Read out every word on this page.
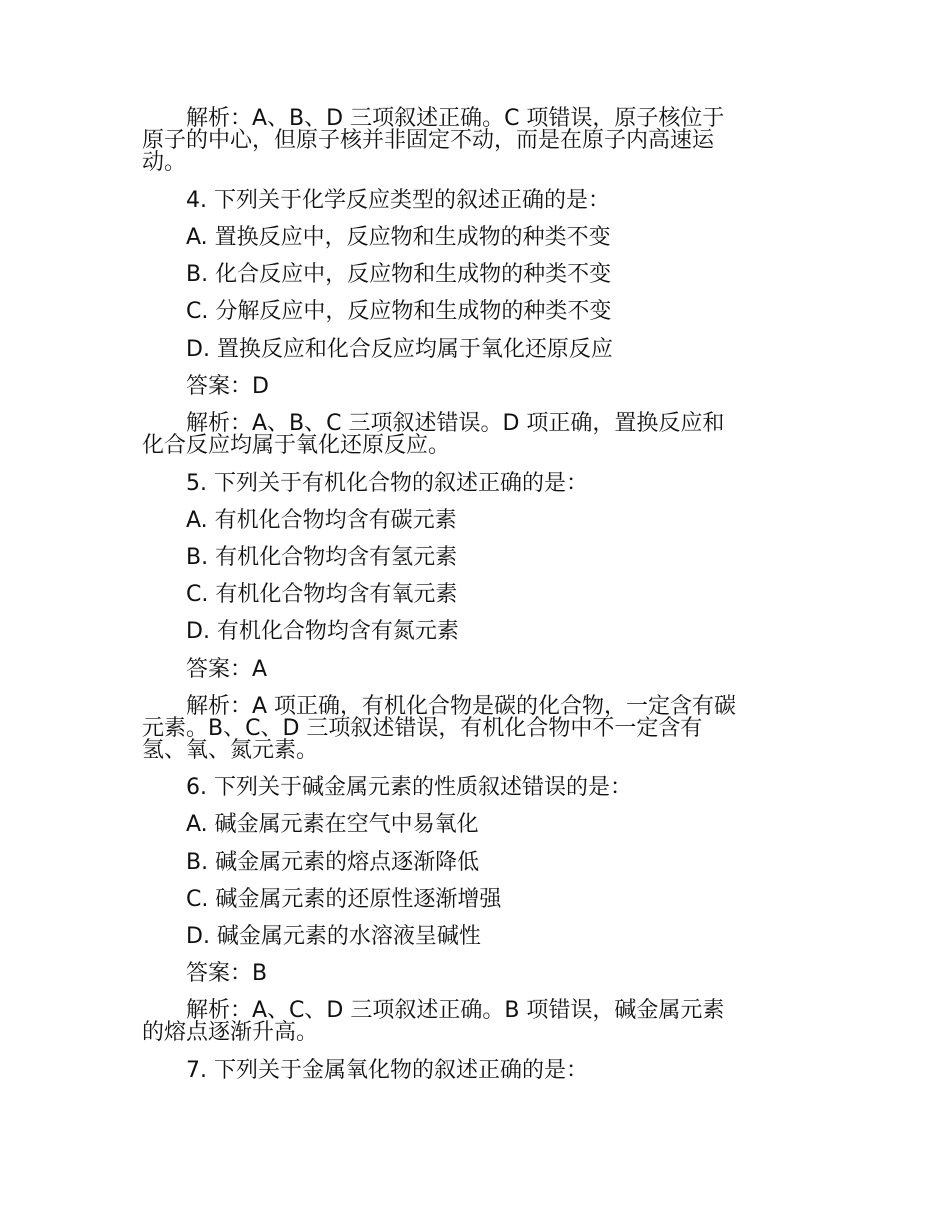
解析：A、B、D 三项叙述正确。C 项错误，原子核位于
原子的中心，但原子核并非固定不动，而是在原子内高速运
动。
4. 下列关于化学反应类型的叙述正确的是：
A. 置换反应中，反应物和生成物的种类不变
B. 化合反应中，反应物和生成物的种类不变
C. 分解反应中，反应物和生成物的种类不变
D. 置换反应和化合反应均属于氧化还原反应
答案：D
解析：A、B、C 三项叙述错误。D 项正确，置换反应和
化合反应均属于氧化还原反应。
5. 下列关于有机化合物的叙述正确的是：
A. 有机化合物均含有碳元素
B. 有机化合物均含有氢元素
C. 有机化合物均含有氧元素
D. 有机化合物均含有氮元素
答案：A
解析：A 项正确，有机化合物是碳的化合物，一定含有碳
元素。B、C、D 三项叙述错误，有机化合物中不一定含有
氢、氧、氮元素。
6. 下列关于碱金属元素的性质叙述错误的是：
A. 碱金属元素在空气中易氧化
B. 碱金属元素的熔点逐渐降低
C. 碱金属元素的还原性逐渐增强
D. 碱金属元素的水溶液呈碱性
答案：B
解析：A、C、D 三项叙述正确。B 项错误，碱金属元素
的熔点逐渐升高。
7. 下列关于金属氧化物的叙述正确的是：
